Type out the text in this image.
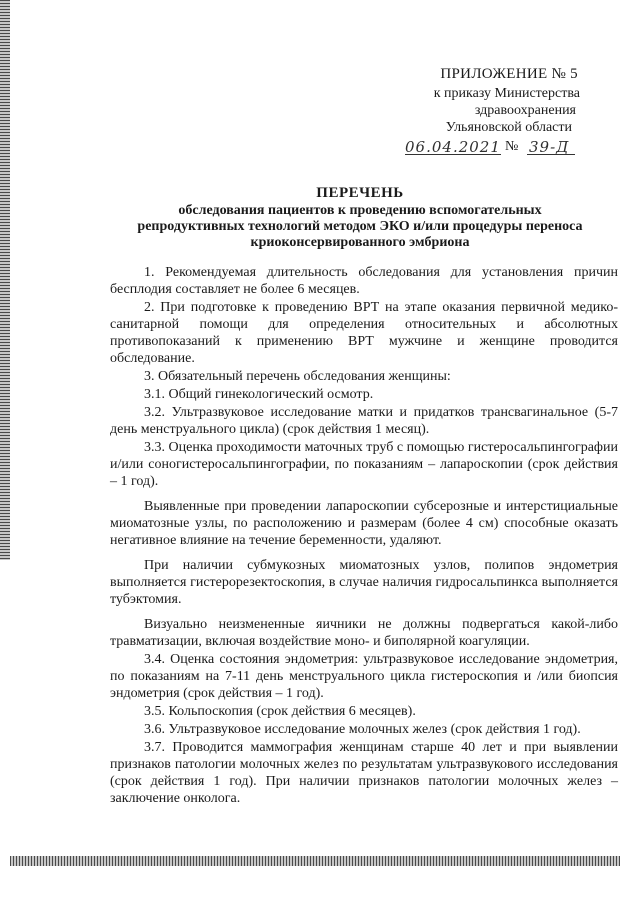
ПРИЛОЖЕНИЕ № 5
к приказу Министерства
здравоохранения
Ульяновской области
06.04.2021 № 39-Д
ПЕРЕЧЕНЬ
обследования пациентов к проведению вспомогательных
репродуктивных технологий методом ЭКО и/или процедуры переноса
криоконсервированного эмбриона

1. Рекомендуемая длительность обследования для установления причин бесплодия составляет не более 6 месяцев.

2. При подготовке к проведению ВРТ на этапе оказания первичной медико-санитарной помощи для определения относительных и абсолютных противопоказаний к применению ВРТ мужчине и женщине проводится обследование.

3. Обязательный перечень обследования женщины:

3.1. Общий гинекологический осмотр.

3.2. Ультразвуковое исследование матки и придатков трансвагинальное (5-7 день менструального цикла) (срок действия 1 месяц).

3.3. Оценка проходимости маточных труб с помощью гистеросальпингографии и/или соногистеросальпингографии, по показаниям – лапароскопии (срок действия – 1 год).

Выявленные при проведении лапароскопии субсерозные и интерстициальные миоматозные узлы, по расположению и размерам (более 4 см) способные оказать негативное влияние на течение беременности, удаляют.

При наличии субмукозных миоматозных узлов, полипов эндометрия выполняется гистерорезектоскопия, в случае наличия гидросальпинкса выполняется тубэктомия.

Визуально неизмененные яичники не должны подвергаться какой-либо травматизации, включая воздействие моно- и биполярной коагуляции.

3.4. Оценка состояния эндометрия: ультразвуковое исследование эндометрия, по показаниям на 7-11 день менструального цикла гистероскопия и /или биопсия эндометрия (срок действия – 1 год).

3.5. Кольпоскопия (срок действия 6 месяцев).

3.6. Ультразвуковое исследование молочных желез (срок действия 1 год).

3.7. Проводится маммография женщинам старше 40 лет и при выявлении признаков патологии молочных желез по результатам ультразвукового исследования (срок действия 1 год). При наличии признаков патологии молочных желез – заключение онколога.
